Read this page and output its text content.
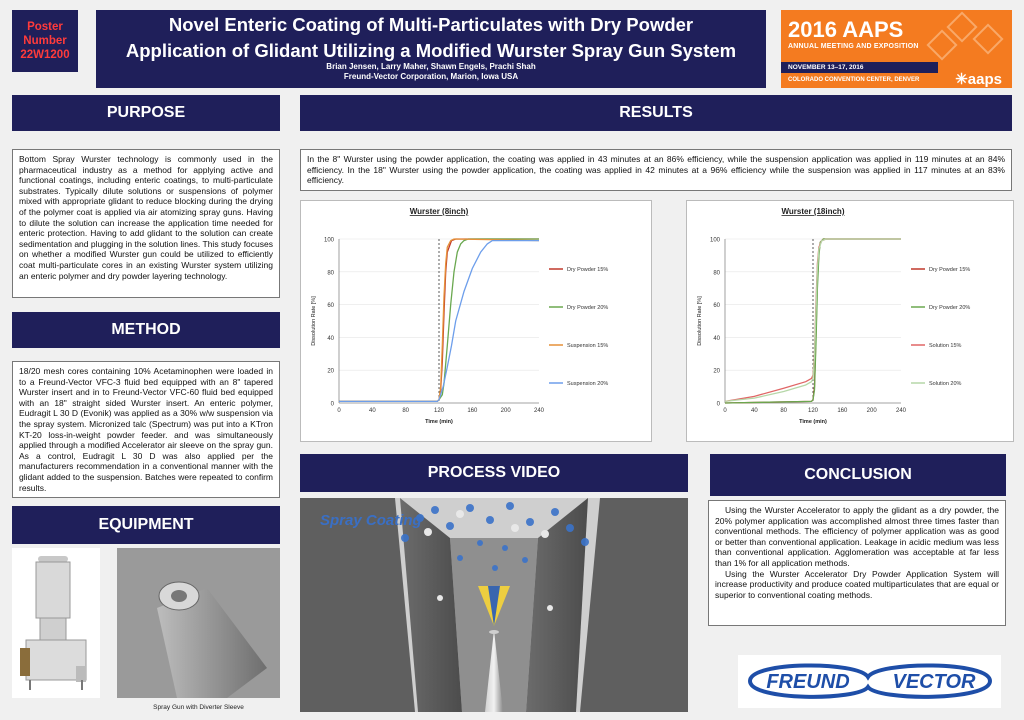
Poster
Number
22W1200
Novel Enteric Coating of Multi-Particulates with Dry Powder
Application of Glidant Utilizing a Modified Wurster Spray Gun System
Brian Jensen, Larry Maher, Shawn Engels, Prachi Shah
Freund-Vector Corporation, Marion, Iowa USA
2016 AAPS
ANNUAL MEETING AND EXPOSITION
NOVEMBER 13–17, 2016
COLORADO CONVENTION CENTER, DENVER ✳aaps
PURPOSE
Bottom Spray Wurster technology is commonly used in the pharmaceutical industry as a method for applying active and functional coatings, including enteric coatings, to multi-particulate substrates. Typically dilute solutions or suspensions of polymer mixed with appropriate glidant to reduce blocking during the drying of the polymer coat is applied via air atomizing spray guns. Having to dilute the solution can increase the application time needed for enteric protection. Having to add glidant to the solution can create sedimentation and plugging in the solution lines. This study focuses on whether a modified Wurster gun could be utilized to efficiently coat multi-particulate cores in an existing Wurster system utilizing an enteric polymer and dry powder layering technology.
METHOD
18/20 mesh cores containing 10% Acetaminophen were loaded in to a Freund-Vector VFC-3 fluid bed equipped with an 8" tapered Wurster insert and in to Freund-Vector VFC-60 fluid bed equipped with an 18" straight sided Wurster insert. An enteric polymer, Eudragit L 30 D (Evonik) was applied as a 30% w/w suspension via the spray system. Micronized talc (Spectrum) was put into a KTron KT-20 loss-in-weight powder feeder. and was simultaneously applied through a modified Accelerator air sleeve on the spray gun. As a control, Eudragit L 30 D was also applied per the manufacturers recommendation in a conventional manner with the glidant added to the suspension. Batches were repeated to confirm results.
EQUIPMENT
Spray Gun with Diverter Sleeve
RESULTS
In the 8" Wurster using the powder application, the coating was applied in 43 minutes at an 86% efficiency, while the suspension application was applied in 119 minutes at an 84% efficiency. In the 18" Wurster using the powder application, the coating was applied in 42 minutes at a 96% efficiency while the suspension was applied in 117 minutes at an 83% efficiency.
Wurster (8inch)
0
20
40
60
80
100
0	40	80	120	160	200	240
Time (min)
Dissolution Rate [%]
Dry Powder 15%
Dry Powder 20%
Suspension 15%
Suspension 20%
Wurster (18inch)
0
20
40
60
80
100
0	40	80	120	160	200	240
Time (min)
Dissolution Rate [%]
Dry Powder 15%
Dry Powder 20%
Solution 15%
Solution 20%
PROCESS VIDEO
Spray Coating
CONCLUSION
Using the Wurster Accelerator to apply the glidant as a dry powder, the 20% polymer application was accomplished almost three times faster than conventional methods. The efficiency of polymer application was as good or better than conventional application. Leakage in acidic medium was less than conventional application. Agglomeration was acceptable at far less than 1% for all application methods.
Using the Wurster Accelerator Dry Powder Application System will increase productivity and produce coated multiparticulates that are equal or superior to conventional coating methods.
FREUND VECTOR
